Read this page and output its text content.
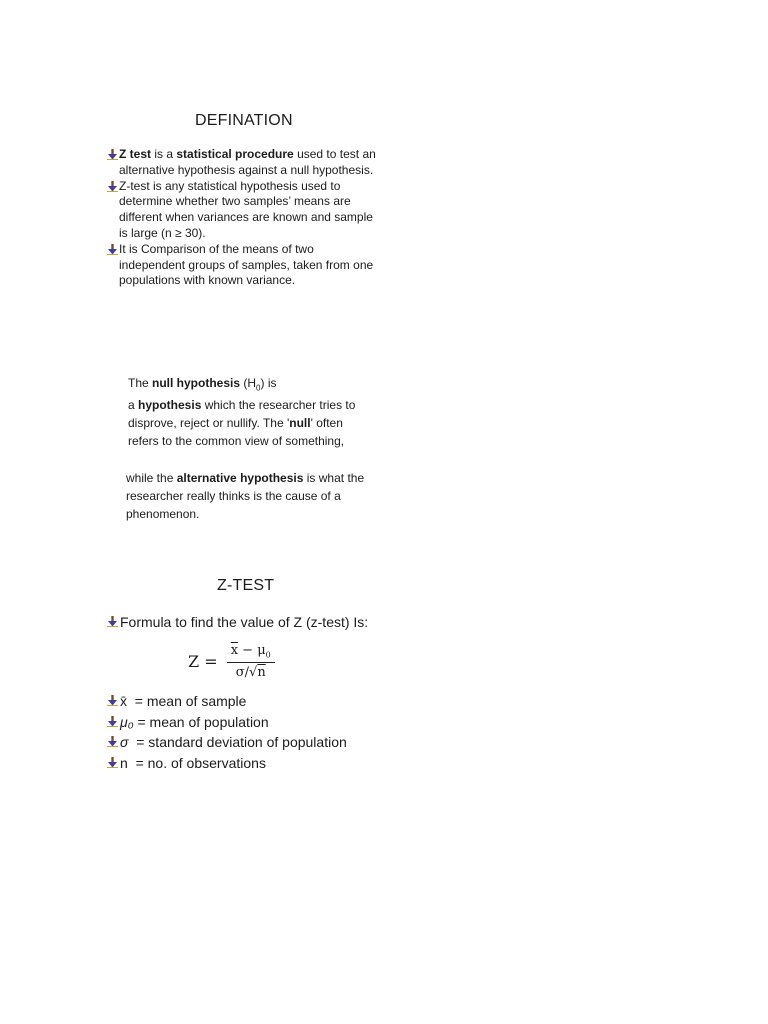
DEFINATION
Z test is a statistical procedure used to test an alternative hypothesis against a null hypothesis.
Z-test is any statistical hypothesis used to determine whether two samples’ means are different when variances are known and sample is large (n ≥ 30).
It is Comparison of the means of two independent groups of samples, taken from one populations with known variance.
The null hypothesis $(H_0)$ is
a hypothesis which the researcher tries to disprove, reject or nullify. The 'null' often refers to the common view of something,
while the alternative hypothesis is what the researcher really thinks is the cause of a phenomenon.
Z-TEST
Formula to find the value of Z (z-test) Is:
$Z = \frac{\overline{x} - \mu_0}{\sigma/√n}$
x̄  = mean of sample
μ₀ = mean of population
σ  = standard deviation of population
n  = no. of observations
